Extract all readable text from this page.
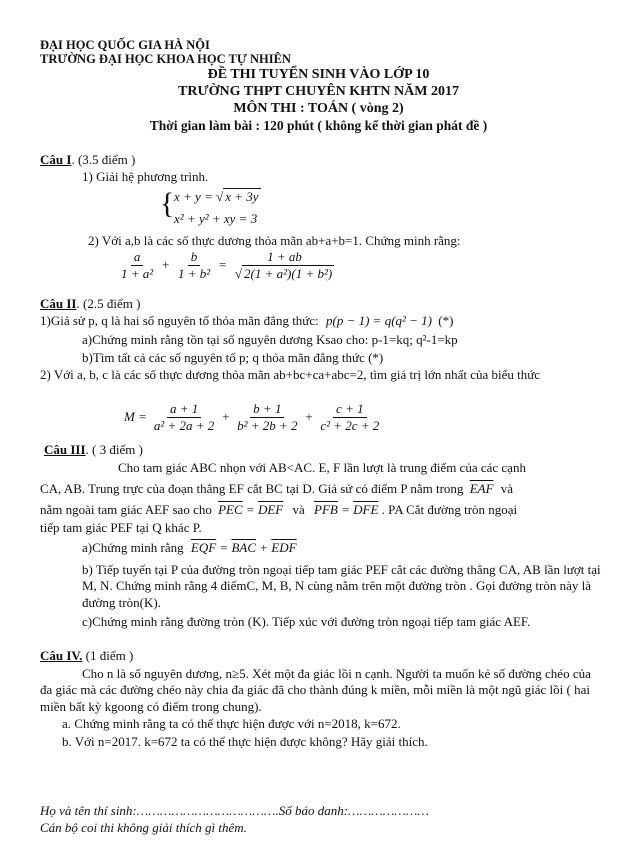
ĐẠI HỌC QUỐC GIA HÀ NỘI
TRƯỜNG ĐẠI HỌC KHOA HỌC TỰ NHIÊN
ĐỀ THI TUYỂN SINH VÀO LỚP 10
TRƯỜNG THPT CHUYÊN KHTN NĂM 2017
MÔN THI : TOÁN ( vòng 2)
Thời gian làm bài : 120 phút ( không kể thời gian phát đề )
Câu I. (3.5 điểm )
1) Giải hệ phương trình.
{ x + y = √ x + 3y
x² + y² + xy = 3
2) Với a,b là các số thực dương thỏa mãn ab+a+b=1. Chứng minh rằng:
$\frac{a}{\text{1 + a²}} + \frac{b}{\text{1 + b²}} = \frac{1 + ab}{\text{√ 2(1 + a²)(1 + b²)}}$
Câu II. (2.5 điểm )
1)Giả sử p, q là hai số nguyên tố thỏa mãn đẳng thức: p(p − 1) = q(q² − 1) (*)
a)Chứng minh rằng tồn tại số nguyên dương Ksao cho: p-1=kq; q²-1=kp
b)Tìm tất cả các số nguyên tố p; q thỏa mãn đẳng thức (*)
2) Với a, b, c là các số thực dương thỏa mãn ab+bc+ca+abc=2, tìm giá trị lớn nhất của biểu thức
$M = \frac{a + 1}{\text{a² + 2a + 2}} + \frac{b + 1}{\text{b² + 2b + 2}} + \frac{c + 1}{\text{c² + 2c + 2}}$
Câu III. ( 3 điểm )
Cho tam giác ABC nhọn với AB<AC. E, F lần lượt là trung điểm của các cạnh
CA, AB. Trung trực của đoạn thẳng EF cắt BC tại D. Giả sử có điểm P nằm trong $\overline{EAF}$ và
nằm ngoài tam giác AEF sao cho $\overline{PEC} = \overline{DEF}$ và $\overline{PFB} = \overline{DFE}$ . PA Cắt đường tròn ngoại
tiếp tam giác PEF tại Q khác P.
a)Chứng minh rằng $\overline{EQF} = \overline{BAC} + \overline{EDF}$
b) Tiếp tuyến tại P của đường tròn ngoại tiếp tam giác PEF cắt các đường thẳng CA, AB lần lượt tại M, N. Chứng minh rằng 4 điểmC, M, B, N cùng nằm trên một đường tròn . Gọi đường tròn này là đường tròn(K).
c)Chứng minh rằng đường tròn (K). Tiếp xúc với đường tròn ngoại tiếp tam giác AEF.
Câu IV. (1 điểm )
Cho n là số nguyên dương, n≥5. Xét một đa giác lồi n cạnh. Người ta muốn kẻ số đường chéo của đa giác mà các đường chéo này chia đa giác đã cho thành đúng k miền, mỗi miền là một ngũ giác lồi ( hai miền bất kỳ kgoong có điểm trong chung).
a. Chứng minh rằng ta có thể thực hiện được với n=2018, k=672.
b. Với n=2017. k=672 ta có thể thực hiện được không? Hãy giải thích.
Họ và tên thí sinh:……………………………….Số báo danh:…………………
Cán bộ coi thi không giải thích gì thêm.
